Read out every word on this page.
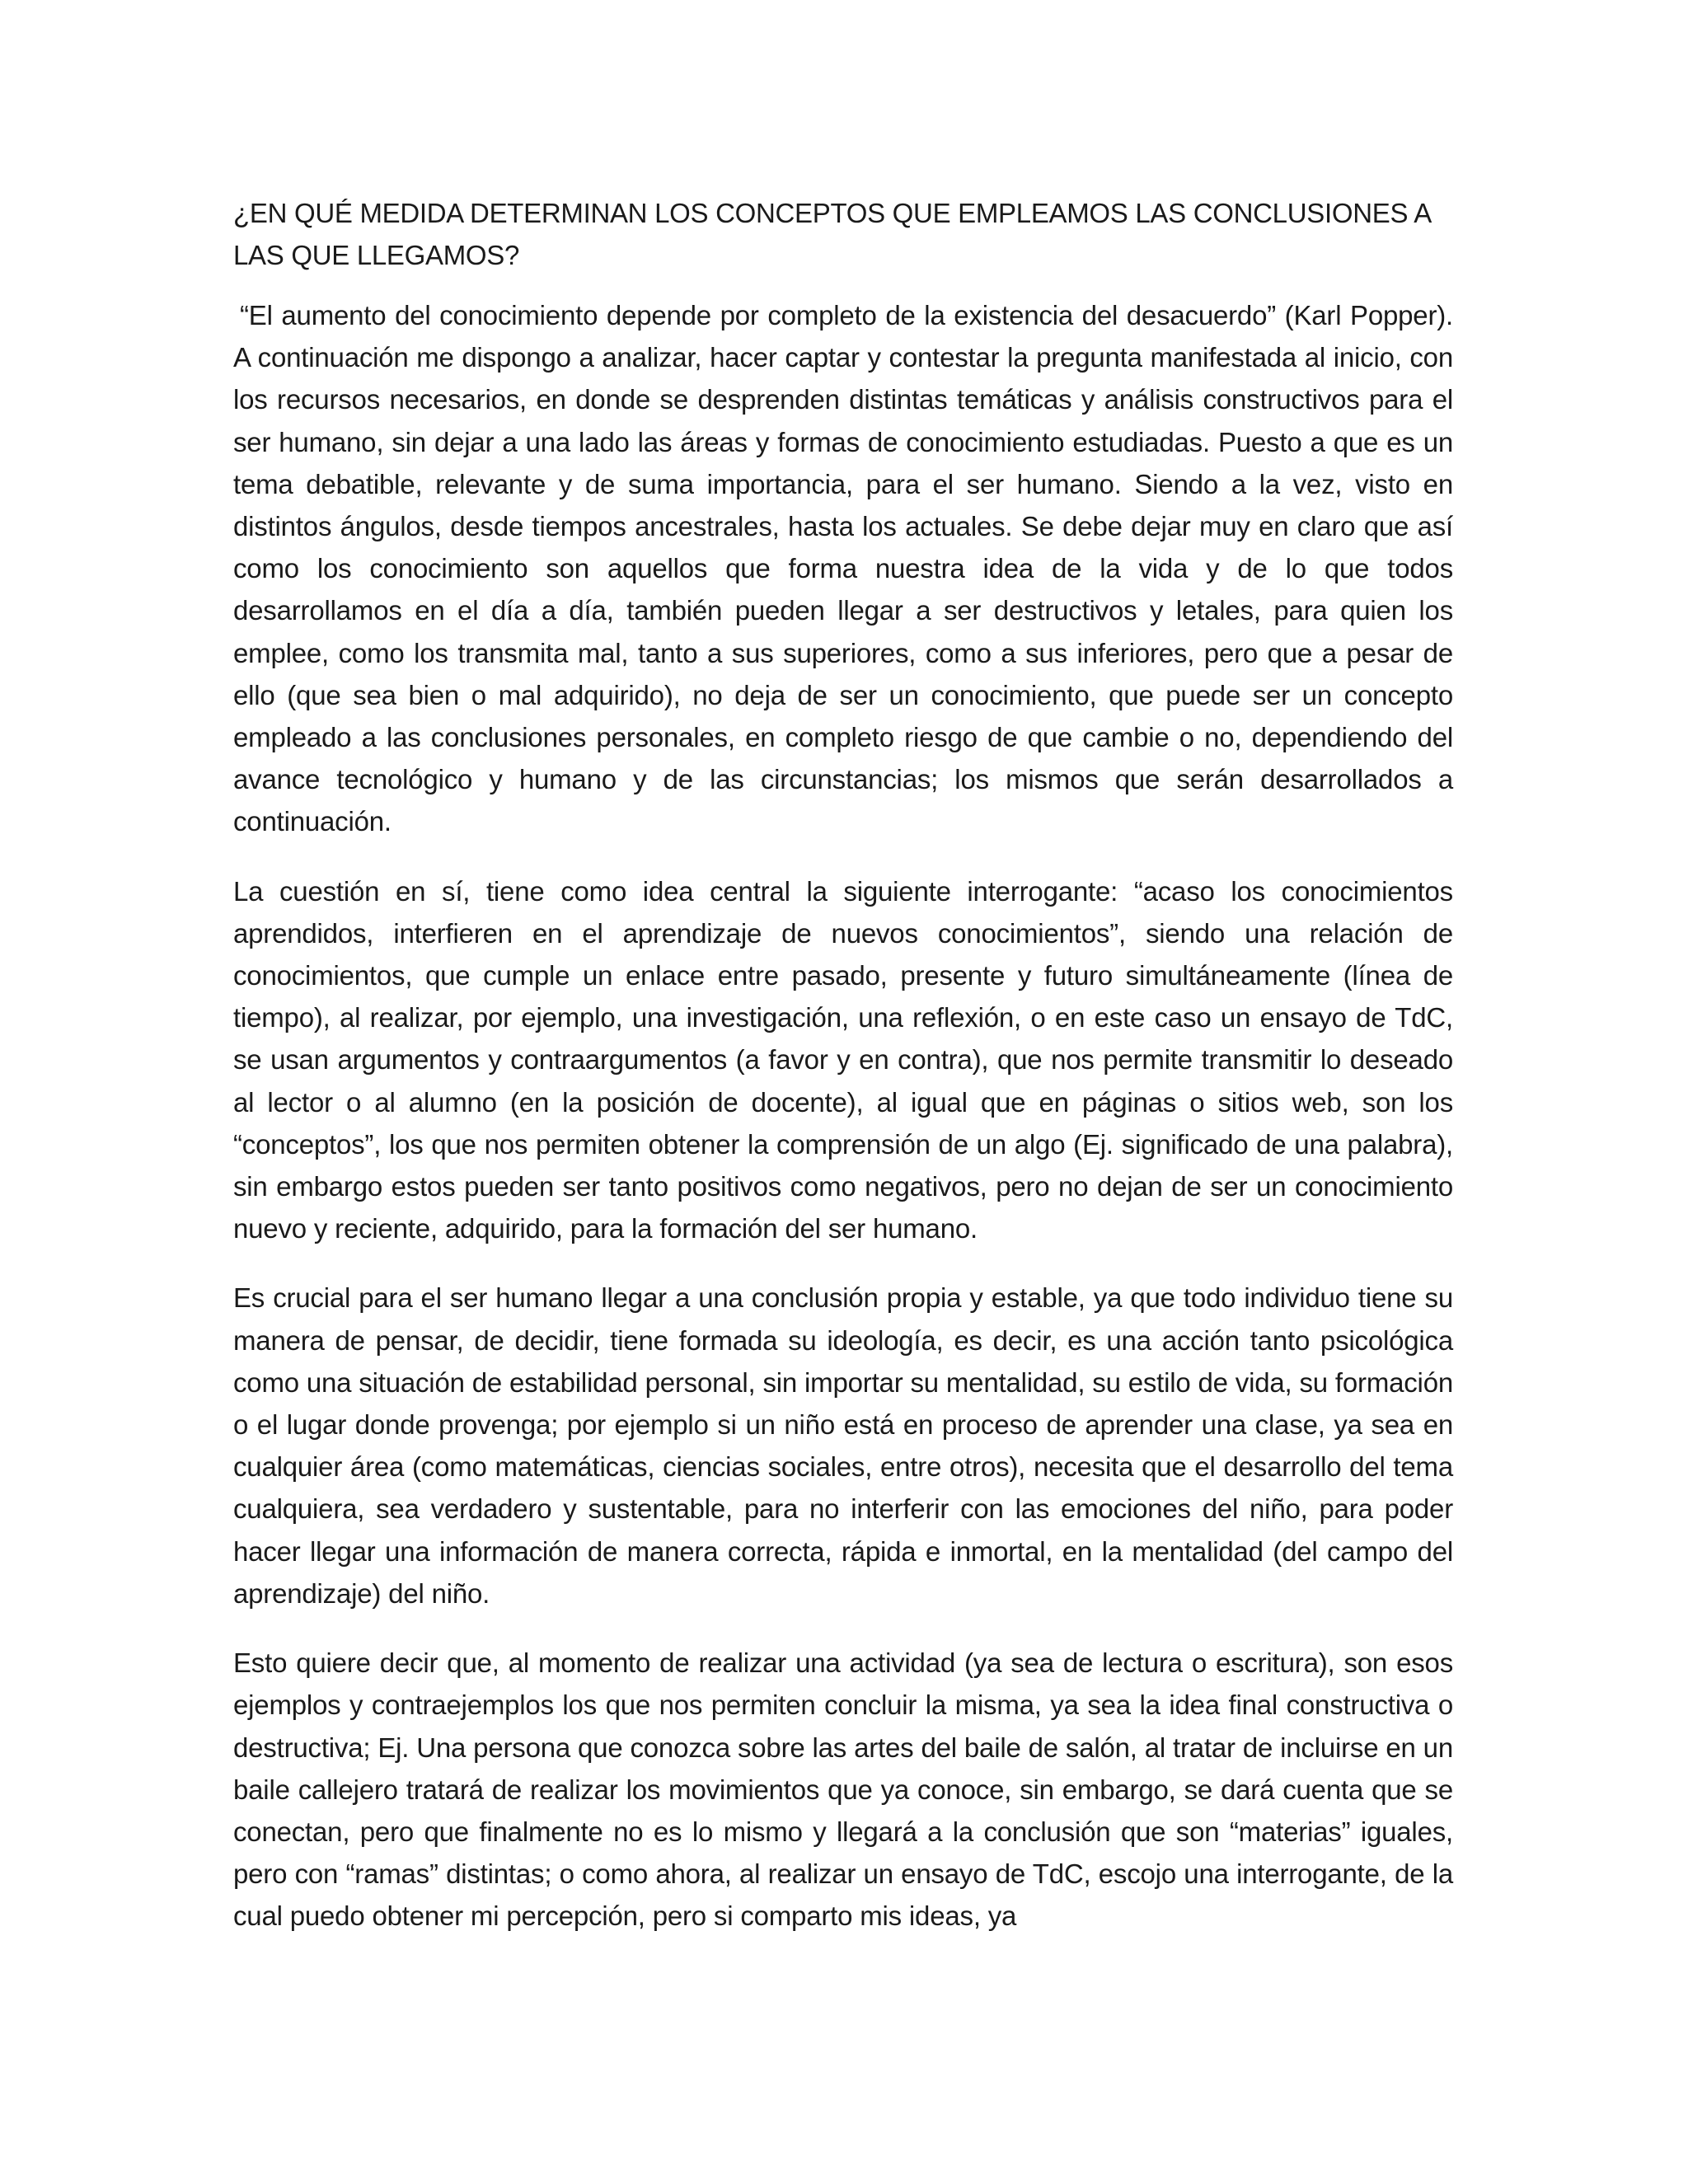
¿EN QUÉ MEDIDA DETERMINAN LOS CONCEPTOS QUE EMPLEAMOS LAS CONCLUSIONES A LAS QUE LLEGAMOS?

“El aumento del conocimiento depende por completo de la existencia del desacuerdo” (Karl Popper). A continuación me dispongo a analizar, hacer captar y contestar la pregunta manifestada al inicio, con los recursos necesarios, en donde se desprenden distintas temáticas y análisis constructivos para el ser humano, sin dejar a una lado las áreas y formas de conocimiento estudiadas. Puesto a que es un tema debatible, relevante y de suma importancia, para el ser humano. Siendo a la vez, visto en distintos ángulos, desde tiempos ancestrales, hasta los actuales. Se debe dejar muy en claro que así como los conocimiento son aquellos que forma nuestra idea de la vida y de lo que todos desarrollamos en el día a día, también pueden llegar a ser destructivos y letales, para quien los emplee, como los transmita mal, tanto a sus superiores, como a sus inferiores, pero que a pesar de ello (que sea bien o mal adquirido), no deja de ser un conocimiento, que puede ser un concepto empleado a las conclusiones personales, en completo riesgo de que cambie o no, dependiendo del avance tecnológico y humano y de las circunstancias; los mismos que serán desarrollados a continuación.

La cuestión en sí, tiene como idea central la siguiente interrogante: “acaso los conocimientos aprendidos, interfieren en el aprendizaje de nuevos conocimientos”, siendo una relación de conocimientos, que cumple un enlace entre pasado, presente y futuro simultáneamente (línea de tiempo), al realizar, por ejemplo, una investigación, una reflexión, o en este caso un ensayo de TdC, se usan argumentos y contraargumentos (a favor y en contra), que nos permite transmitir lo deseado al lector o al alumno (en la posición de docente), al igual que en páginas o sitios web, son los “conceptos”, los que nos permiten obtener la comprensión de un algo (Ej. significado de una palabra), sin embargo estos pueden ser tanto positivos como negativos, pero no dejan de ser un conocimiento nuevo y reciente, adquirido, para la formación del ser humano.

Es crucial para el ser humano llegar a una conclusión propia y estable, ya que todo individuo tiene su manera de pensar, de decidir, tiene formada su ideología, es decir, es una acción tanto psicológica como una situación de estabilidad personal, sin importar su mentalidad, su estilo de vida, su formación o el lugar donde provenga; por ejemplo si un niño está en proceso de aprender una clase, ya sea en cualquier área (como matemáticas, ciencias sociales, entre otros), necesita que el desarrollo del tema cualquiera, sea verdadero y sustentable, para no interferir con las emociones del niño, para poder hacer llegar una información de manera correcta, rápida e inmortal, en la mentalidad (del campo del aprendizaje) del niño.

Esto quiere decir que, al momento de realizar una actividad (ya sea de lectura o escritura), son esos ejemplos y contraejemplos los que nos permiten concluir la misma, ya sea la idea final constructiva o destructiva; Ej. Una persona que conozca sobre las artes del baile de salón, al tratar de incluirse en un baile callejero tratará de realizar los movimientos que ya conoce, sin embargo, se dará cuenta que se conectan, pero que finalmente no es lo mismo y llegará a la conclusión que son “materias” iguales, pero con “ramas” distintas; o como ahora, al realizar un ensayo de TdC, escojo una interrogante, de la cual puedo obtener mi percepción, pero si comparto mis ideas, ya
